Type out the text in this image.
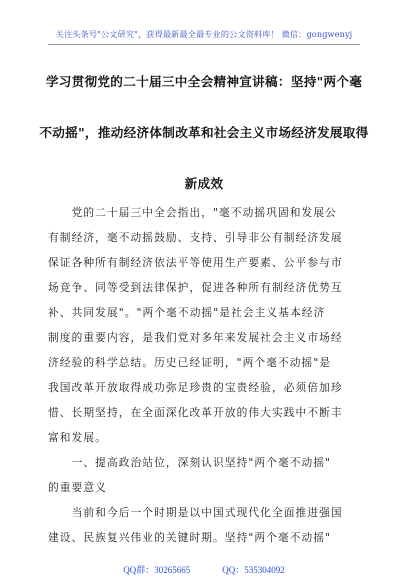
关注头条号"公文研究"，获得最新最全最专业的公文资料库！ 微信：gongwenyj
学习贯彻党的二十届三中全会精神宣讲稿：坚持"两个毫
不动摇"，推动经济体制改革和社会主义市场经济发展取得
新成效
　　党的二十届三中全会指出，"毫不动摇巩固和发展公
有制经济，毫不动摇鼓励、支持、引导非公有制经济发展
保证各种所有制经济依法平等使用生产要素、公平参与市
场竞争、同等受到法律保护，促进各种所有制经济优势互
补、共同发展"。"两个毫不动摇"是社会主义基本经济
制度的重要内容，是我们党对多年来发展社会主义市场经
济经验的科学总结。历史已经证明，"两个毫不动摇"是
我国改革开放取得成功弥足珍贵的宝贵经验，必须倍加珍
惜、长期坚持，在全面深化改革开放的伟大实践中不断丰
富和发展。
　　一、提高政治站位，深刻认识坚持"两个毫不动摇"
的重要意义
　　当前和今后一个时期是以中国式现代化全面推进强国
建设、民族复兴伟业的关键时期。坚持"两个毫不动摇"
QQ群：30265665	QQ：535304092
